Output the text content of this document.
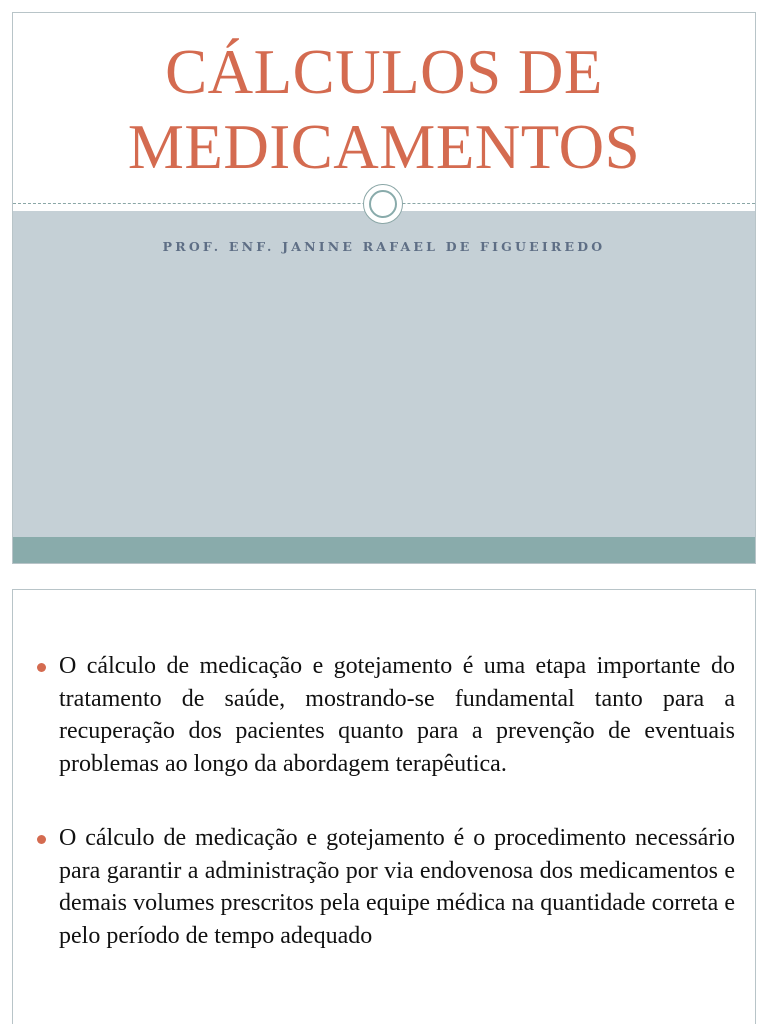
CÁLCULOS DE
MEDICAMENTOS
PROF. ENF. JANINE RAFAEL DE FIGUEIREDO
O cálculo de medicação e gotejamento é uma etapa importante do tratamento de saúde, mostrando-se fundamental tanto para a recuperação dos pacientes quanto para a prevenção de eventuais problemas ao longo da abordagem terapêutica.
O cálculo de medicação e gotejamento é o procedimento necessário para garantir a administração por via endovenosa dos medicamentos e demais volumes prescritos pela equipe médica na quantidade correta e pelo período de tempo adequado
